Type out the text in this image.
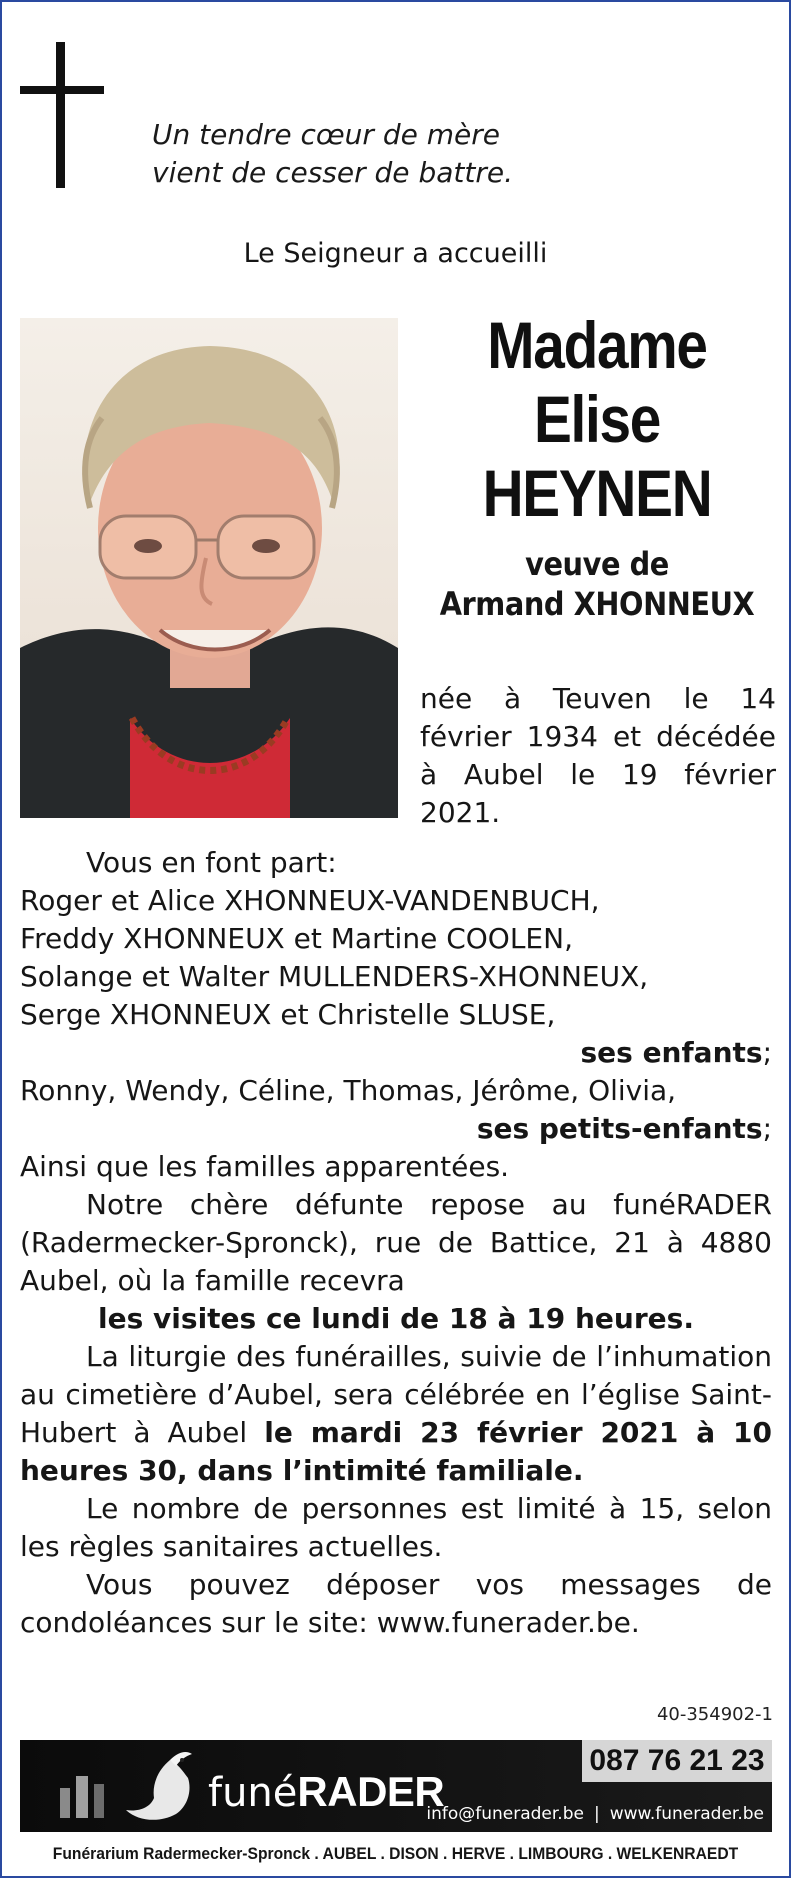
Un tendre cœur de mère
vient de cesser de battre.
Le Seigneur a accueilli
Madame
Elise
HEYNEN
veuve de
Armand XHONNEUX
née à Teuven le 14 février 1934 et décédée à Aubel le 19 février 2021.

Vous en font part:

Roger et Alice XHONNEUX-VANDENBUCH,

Freddy XHONNEUX et Martine COOLEN,

Solange et Walter MULLENDERS-XHONNEUX,

Serge XHONNEUX et Christelle SLUSE,

ses enfants;

Ronny, Wendy, Céline, Thomas, Jérôme, Olivia,

ses petits-enfants;

Ainsi que les familles apparentées.

Notre chère défunte repose au funéRADER (Radermecker-Spronck), rue de Battice, 21 à 4880 Aubel, où la famille recevra

les visites ce lundi de 18 à 19 heures.

La liturgie des funérailles, suivie de l’inhumation au cimetière d’Aubel, sera célébrée en l’église Saint-Hubert à Aubel le mardi 23 février 2021 à 10 heures 30, dans l’intimité familiale.

Le nombre de personnes est limité à 15, selon les règles sanitaires actuelles.

Vous pouvez déposer vos messages de condoléances sur le site: www.funerader.be.

40-354902-1
funéRADER
087 76 21 23
info@funerader.be | www.funerader.be
Funérarium Radermecker-Spronck . AUBEL . DISON . HERVE . LIMBOURG . WELKENRAEDT
